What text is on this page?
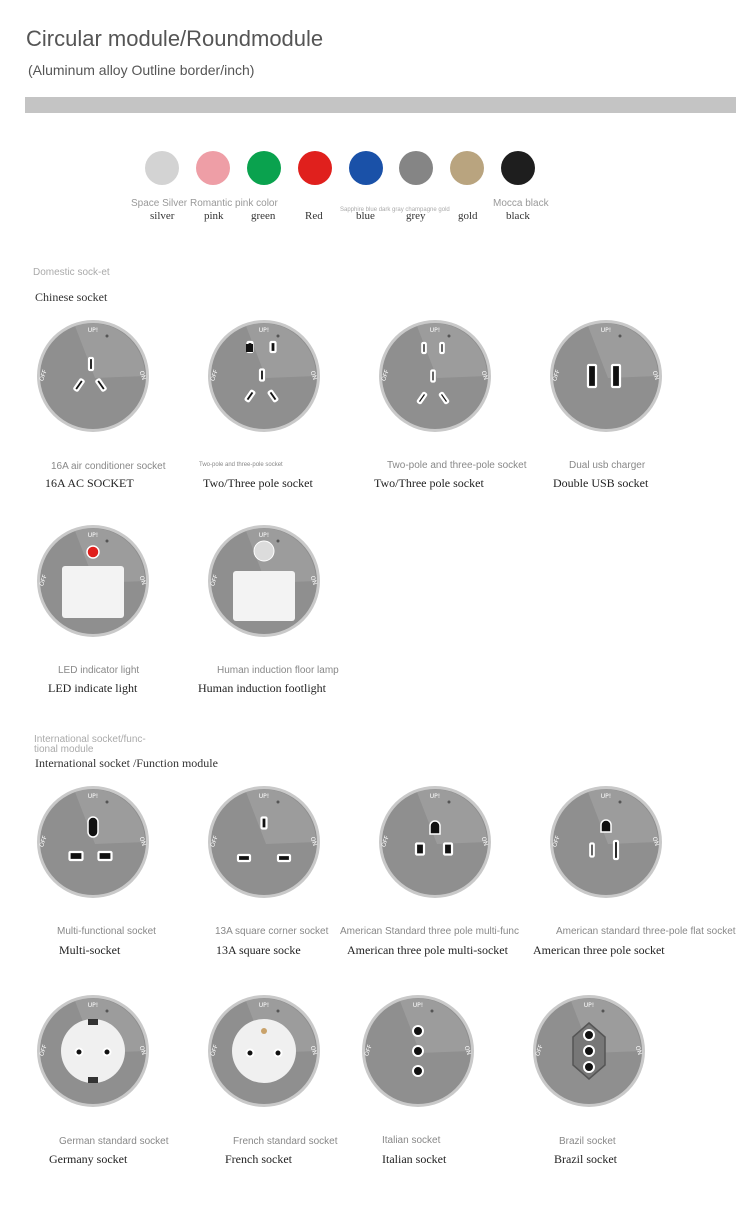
Circular module/Roundmodule
(Aluminum alloy Outline border/inch)
Space Silver Romantic pink color	Mocca black
Sapphire blue dark gray champagne gold
silver	pink green	Red	blue	grey	gold	black
Domestic sock-et
Chinese socket
UP!
OFF	ON
UP!
OFF	ON
UP!
OFF	ON
UP!
OFF	ON
16A air conditioner socket	Two-pole and three-pole socket	Two-pole and three-pole socket	Dual usb charger
16A AC SOCKET	Two/Three pole socket	Two/Three pole socket	Double USB socket
UP!
OFF	ON
UP!
OFF	ON
LED indicator light	Human induction floor lamp
LED indicate light	Human induction footlight
International socket/func-tional module
International socket /Function module
UP!
OFF	ON
UP!
OFF	ON
UP!
OFF	ON
UP!
OFF	ON
Multi-functional socket	13A square corner socket American Standard three pole multi-func	American standard three-pole flat socket
Multi-socket	13A square socke	American three pole multi-socket American three pole socket
UP!
OFF	ON
UP!
OFF	ON
UP!
OFF	ON
UP!
OFF	ON
German standard socket	French standard socket	Italian socket	Brazil socket
Germany socket	French socket	Italian socket	Brazil socket
